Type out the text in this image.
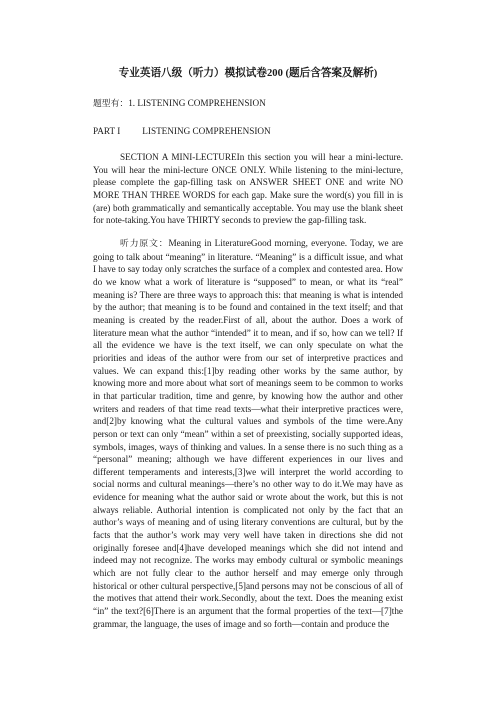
专业英语八级（听力）模拟试卷200 (题后含答案及解析)
题型有：1. LISTENING COMPREHENSION
PART I LISTENING COMPREHENSION
SECTION A MINI-LECTUREIn this section you will hear a mini-lecture. You will hear the mini-lecture ONCE ONLY. While listening to the mini-lecture, please complete the gap-filling task on ANSWER SHEET ONE and write NO MORE THAN THREE WORDS for each gap. Make sure the word(s) you fill in is (are) both grammatically and semantically acceptable. You may use the blank sheet for note-taking.You have THIRTY seconds to preview the gap-filling task.
听力原文：Meaning in LiteratureGood morning, everyone. Today, we are going to talk about “meaning” in literature. “Meaning” is a difficult issue, and what I have to say today only scratches the surface of a complex and contested area. How do we know what a work of literature is “supposed” to mean, or what its “real” meaning is? There are three ways to approach this: that meaning is what is intended by the author; that meaning is to be found and contained in the text itself; and that meaning is created by the reader.First of all, about the author. Does a work of literature mean what the author “intended” it to mean, and if so, how can we tell? If all the evidence we have is the text itself, we can only speculate on what the priorities and ideas of the author were from our set of interpretive practices and values. We can expand this:[1]by reading other works by the same author, by knowing more and more about what sort of meanings seem to be common to works in that particular tradition, time and genre, by knowing how the author and other writers and readers of that time read texts—what their interpretive practices were, and[2]by knowing what the cultural values and symbols of the time were.Any person or text can only “mean” within a set of preexisting, socially supported ideas, symbols, images, ways of thinking and values. In a sense there is no such thing as a “personal” meaning; although we have different experiences in our lives and different temperaments and interests,[3]we will interpret the world according to social norms and cultural meanings—there’s no other way to do it.We may have as evidence for meaning what the author said or wrote about the work, but this is not always reliable. Authorial intention is complicated not only by the fact that an author’s ways of meaning and of using literary conventions are cultural, but by the facts that the author’s work may very well have taken in directions she did not originally foresee and[4]have developed meanings which she did not intend and indeed may not recognize. The works may embody cultural or symbolic meanings which are not fully clear to the author herself and may emerge only through historical or other cultural perspective,[5]and persons may not be conscious of all of the motives that attend their work.Secondly, about the text. Does the meaning exist “in” the text?[6]There is an argument that the formal properties of the text—[7]the grammar, the language, the uses of image and so forth—contain and produce the
